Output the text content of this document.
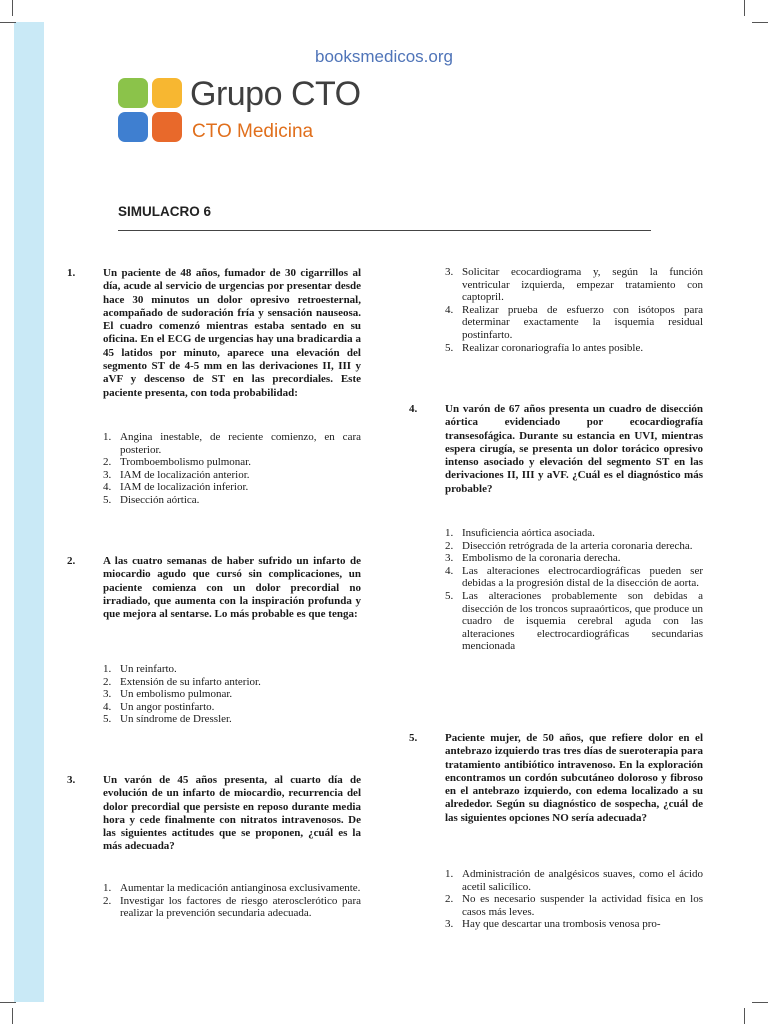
booksmedicos.org
Grupo CTO
CTO Medicina
SIMULACRO 6
1.	Un paciente de 48 años, fumador de 30 cigarrillos al día, acude al servicio de urgencias por presentar desde hace 30 minutos un dolor opresivo retroesternal, acompañado de sudoración fría y sensación nauseosa. El cuadro comenzó mientras estaba sentado en su oficina. En el ECG de urgencias hay una bradicardia a 45 latidos por minuto, aparece una elevación del segmento ST de 4-5 mm en las derivaciones II, III y aVF y descenso de ST en las precordiales. Este paciente presenta, con toda probabilidad:

1. Angina inestable, de reciente comienzo, en cara posterior.
2. Tromboembolismo pulmonar.
3. IAM de localización anterior.
4. IAM de localización inferior.
5. Disección aórtica.
2.	A las cuatro semanas de haber sufrido un infarto de miocardio agudo que cursó sin complicaciones, un paciente comienza con un dolor precordial no irradiado, que aumenta con la inspiración profunda y que mejora al sentarse. Lo más probable es que tenga:

1. Un reinfarto.
2. Extensión de su infarto anterior.
3. Un embolismo pulmonar.
4. Un angor postinfarto.
5. Un síndrome de Dressler.
3.	Un varón de 45 años presenta, al cuarto día de evolución de un infarto de miocardio, recurrencia del dolor precordial que persiste en reposo durante media hora y cede finalmente con nitratos intravenosos. De las siguientes actitudes que se proponen, ¿cuál es la más adecuada?

1. Aumentar la medicación antianginosa exclusivamente.
2. Investigar los factores de riesgo aterosclerótico para realizar la prevención secundaria adecuada.
3. Solicitar ecocardiograma y, según la función ventricular izquierda, empezar tratamiento con captopril.
4. Realizar prueba de esfuerzo con isótopos para determinar exactamente la isquemia residual postinfarto.
5. Realizar coronariografía lo antes posible.
4.	Un varón de 67 años presenta un cuadro de disección aórtica evidenciado por ecocardiografía transesofágica. Durante su estancia en UVI, mientras espera cirugía, se presenta un dolor torácico opresivo intenso asociado y elevación del segmento ST en las derivaciones II, III y aVF. ¿Cuál es el diagnóstico más probable?

1. Insuficiencia aórtica asociada.
2. Disección retrógrada de la arteria coronaria derecha.
3. Embolismo de la coronaria derecha.
4. Las alteraciones electrocardiográficas pueden ser debidas a la progresión distal de la disección de aorta.
5. Las alteraciones probablemente son debidas a disección de los troncos supraaórticos, que produce un cuadro de isquemia cerebral aguda con las alteraciones electrocardiográficas secundarias mencionada
5.	Paciente mujer, de 50 años, que refiere dolor en el antebrazo izquierdo tras tres días de sueroterapia para tratamiento antibiótico intravenoso. En la exploración encontramos un cordón subcutáneo doloroso y fibroso en el antebrazo izquierdo, con edema localizado a su alrededor. Según su diagnóstico de sospecha, ¿cuál de las siguientes opciones NO sería adecuada?

1. Administración de analgésicos suaves, como el ácido acetil salicílico.
2. No es necesario suspender la actividad física en los casos más leves.
3. Hay que descartar una trombosis venosa pro-
